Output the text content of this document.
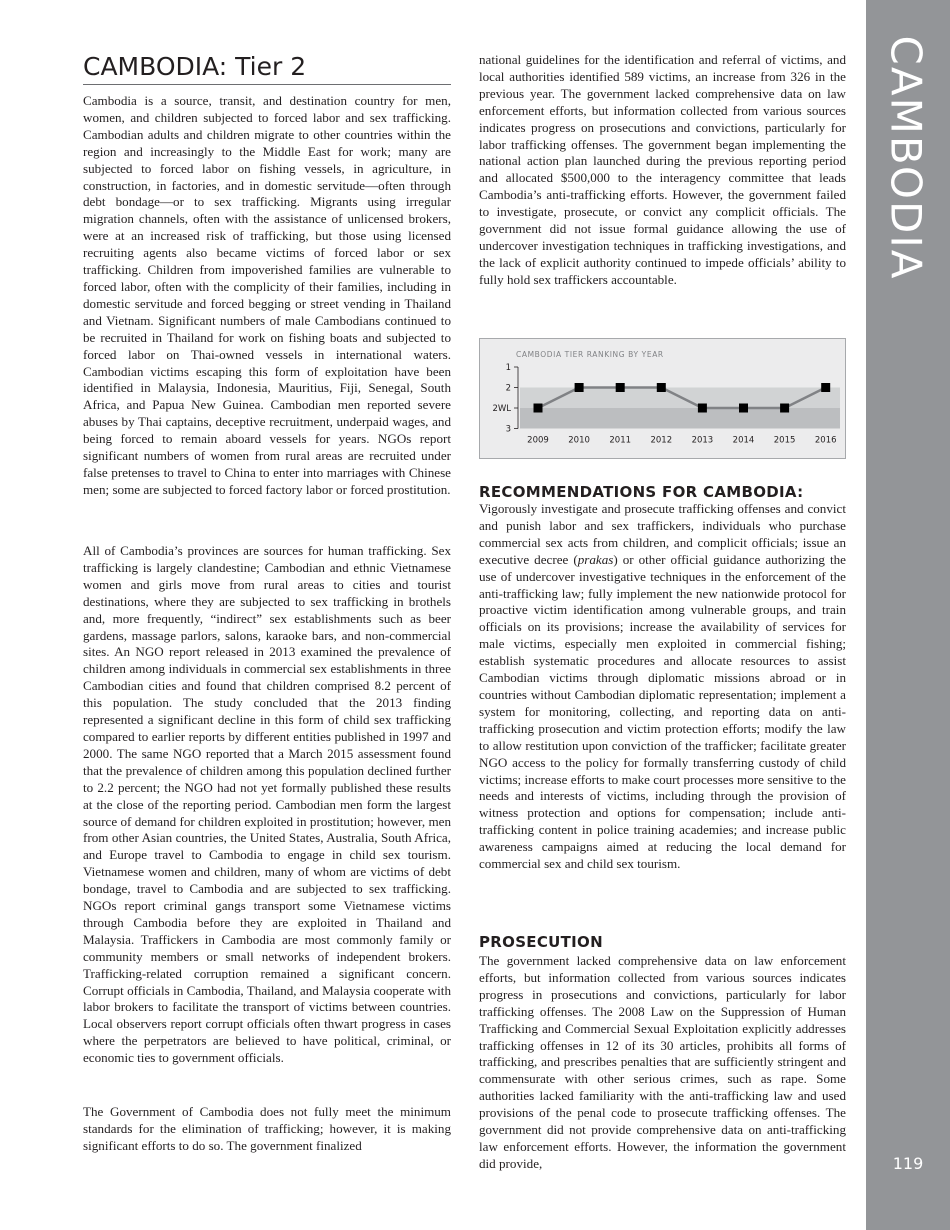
CAMBODIA
119
CAMBODIA: Tier 2

Cambodia is a source, transit, and destination country for men, women, and children subjected to forced labor and sex trafficking. Cambodian adults and children migrate to other countries within the region and increasingly to the Middle East for work; many are subjected to forced labor on fishing vessels, in agriculture, in construction, in factories, and in domestic servitude—often through debt bondage—or to sex trafficking. Migrants using irregular migration channels, often with the assistance of unlicensed brokers, were at an increased risk of trafficking, but those using licensed recruiting agents also became victims of forced labor or sex trafficking. Children from impoverished families are vulnerable to forced labor, often with the complicity of their families, including in domestic servitude and forced begging or street vending in Thailand and Vietnam. Significant numbers of male Cambodians continued to be recruited in Thailand for work on fishing boats and subjected to forced labor on Thai-owned vessels in international waters. Cambodian victims escaping this form of exploitation have been identified in Malaysia, Indonesia, Mauritius, Fiji, Senegal, South Africa, and Papua New Guinea. Cambodian men reported severe abuses by Thai captains, deceptive recruitment, underpaid wages, and being forced to remain aboard vessels for years. NGOs report significant numbers of women from rural areas are recruited under false pretenses to travel to China to enter into marriages with Chinese men; some are subjected to forced factory labor or forced prostitution.

All of Cambodia’s provinces are sources for human trafficking. Sex trafficking is largely clandestine; Cambodian and ethnic Vietnamese women and girls move from rural areas to cities and tourist destinations, where they are subjected to sex trafficking in brothels and, more frequently, “indirect” sex establishments such as beer gardens, massage parlors, salons, karaoke bars, and non-commercial sites. An NGO report released in 2013 examined the prevalence of children among individuals in commercial sex establishments in three Cambodian cities and found that children comprised 8.2 percent of this population. The study concluded that the 2013 finding represented a significant decline in this form of child sex trafficking compared to earlier reports by different entities published in 1997 and 2000. The same NGO reported that a March 2015 assessment found that the prevalence of children among this population declined further to 2.2 percent; the NGO had not yet formally published these results at the close of the reporting period. Cambodian men form the largest source of demand for children exploited in prostitution; however, men from other Asian countries, the United States, Australia, South Africa, and Europe travel to Cambodia to engage in child sex tourism. Vietnamese women and children, many of whom are victims of debt bondage, travel to Cambodia and are subjected to sex trafficking. NGOs report criminal gangs transport some Vietnamese victims through Cambodia before they are exploited in Thailand and Malaysia. Traffickers in Cambodia are most commonly family or community members or small networks of independent brokers. Trafficking-related corruption remained a significant concern. Corrupt officials in Cambodia, Thailand, and Malaysia cooperate with labor brokers to facilitate the transport of victims between countries. Local observers report corrupt officials often thwart progress in cases where the perpetrators are believed to have political, criminal, or economic ties to government officials.

The Government of Cambodia does not fully meet the minimum standards for the elimination of trafficking; however, it is making significant efforts to do so. The government finalized

national guidelines for the identification and referral of victims, and local authorities identified 589 victims, an increase from 326 in the previous year. The government lacked comprehensive data on law enforcement efforts, but information collected from various sources indicates progress on prosecutions and convictions, particularly for labor trafficking offenses. The government began implementing the national action plan launched during the previous reporting period and allocated $500,000 to the interagency committee that leads Cambodia’s anti-trafficking efforts. However, the government failed to investigate, prosecute, or convict any complicit officials. The government did not issue formal guidance allowing the use of undercover investigation techniques in trafficking investigations, and the lack of explicit authority continued to impede officials’ ability to fully hold sex traffickers accountable.

RECOMMENDATIONS FOR CAMBODIA:

Vigorously investigate and prosecute trafficking offenses and convict and punish labor and sex traffickers, individuals who purchase commercial sex acts from children, and complicit officials; issue an executive decree (prakas) or other official guidance authorizing the use of undercover investigative techniques in the enforcement of the anti-trafficking law; fully implement the new nationwide protocol for proactive victim identification among vulnerable groups, and train officials on its provisions; increase the availability of services for male victims, especially men exploited in commercial fishing; establish systematic procedures and allocate resources to assist Cambodian victims through diplomatic missions abroad or in countries without Cambodian diplomatic representation; implement a system for monitoring, collecting, and reporting data on anti-trafficking prosecution and victim protection efforts; modify the law to allow restitution upon conviction of the trafficker; facilitate greater NGO access to the policy for formally transferring custody of child victims; increase efforts to make court processes more sensitive to the needs and interests of victims, including through the provision of witness protection and options for compensation; include anti-trafficking content in police training academies; and increase public awareness campaigns aimed at reducing the local demand for commercial sex and child sex tourism.

PROSECUTION

The government lacked comprehensive data on law enforcement efforts, but information collected from various sources indicates progress in prosecutions and convictions, particularly for labor trafficking offenses. The 2008 Law on the Suppression of Human Trafficking and Commercial Sexual Exploitation explicitly addresses trafficking offenses in 12 of its 30 articles, prohibits all forms of trafficking, and prescribes penalties that are sufficiently stringent and commensurate with other serious crimes, such as rape. Some authorities lacked familiarity with the anti-trafficking law and used provisions of the penal code to prosecute trafficking offenses. The government did not provide comprehensive data on anti-trafficking law enforcement efforts. However, the information the government did provide,

CAMBODIA TIER RANKING BY YEAR
1
2
2WL
3
2009 2010 2011 2012 2013 2014 2015 2016
